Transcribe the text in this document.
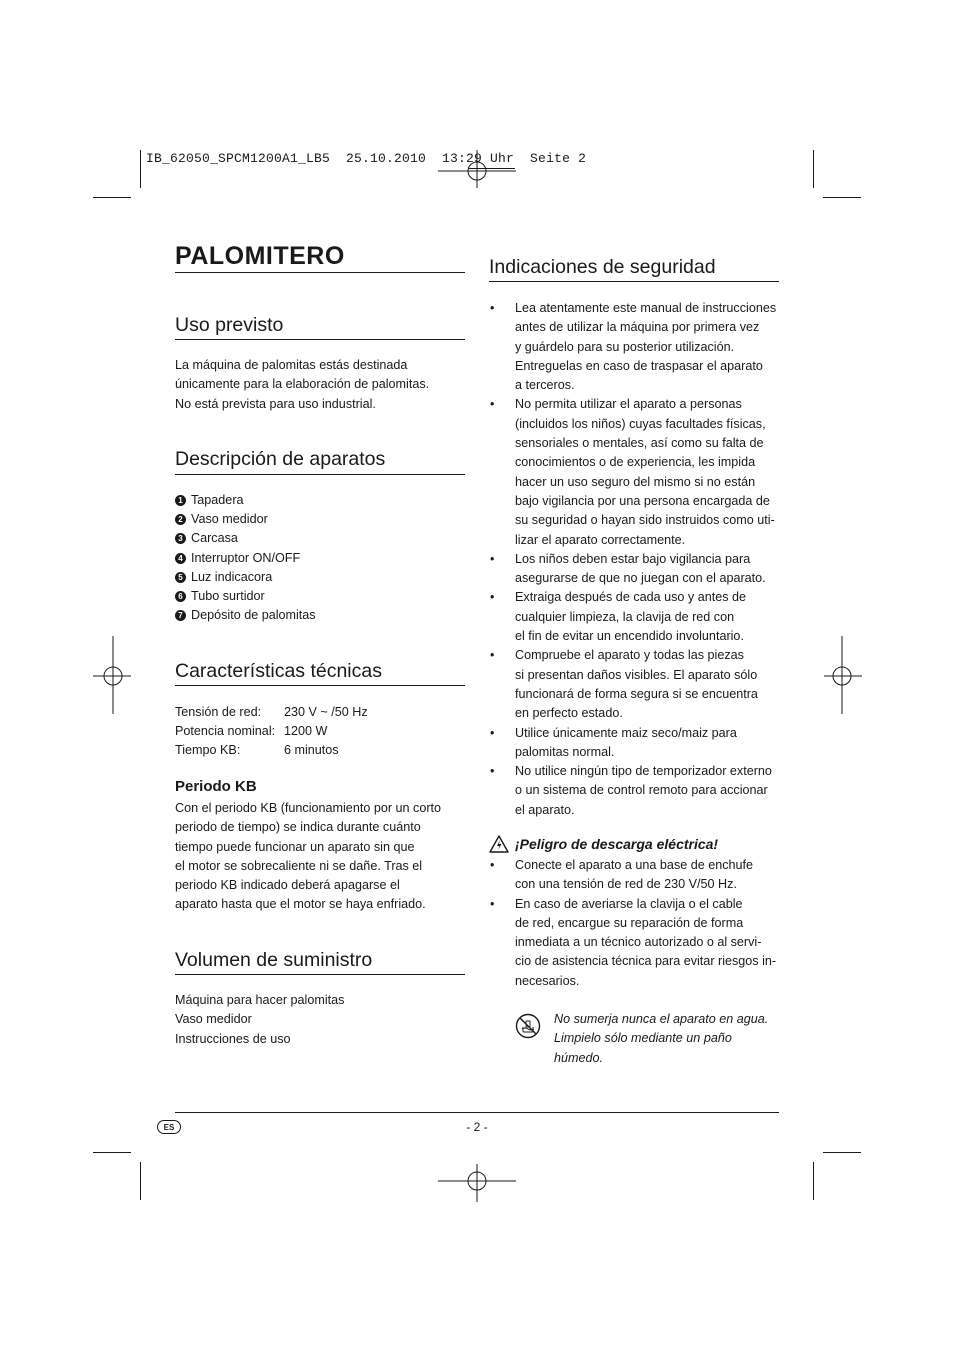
IB_62050_SPCM1200A1_LB5  25.10.2010  13:29 Uhr  Seite 2
PALOMITERO
Uso previsto
La máquina de palomitas estás destinada
únicamente para la elaboración de palomitas.
No está prevista para uso industrial.
Descripción de aparatos
1 Tapadera
2 Vaso medidor
3 Carcasa
4 Interruptor ON/OFF
5 Luz indicacora
6 Tubo surtidor
7 Depósito de palomitas
Características técnicas
Tensión de red:	230 V ~ /50 Hz
Potencia nominal: 1200 W
Tiempo KB:	6 minutos
Periodo KB
Con el periodo KB (funcionamiento por un corto
periodo de tiempo) se indica durante cuánto
tiempo puede funcionar un aparato sin que
el motor se sobrecaliente ni se dañe. Tras el
periodo KB indicado deberá apagarse el
aparato hasta que el motor se haya enfriado.
Volumen de suministro
Máquina para hacer palomitas
Vaso medidor
Instrucciones de uso
Indicaciones de seguridad
• Lea atentamente este manual de instrucciones
antes de utilizar la máquina por primera vez
y guárdelo para su posterior utilización.
Entreguelas en caso de traspasar el aparato
a terceros.
• No permita utilizar el aparato a personas
(incluidos los niños) cuyas facultades físicas,
sensoriales o mentales, así como su falta de
conocimientos o de experiencia, les impida
hacer un uso seguro del mismo si no están
bajo vigilancia por una persona encargada de
su seguridad o hayan sido instruidos como uti-
lizar el aparato correctamente.
• Los niños deben estar bajo vigilancia para
asegurarse de que no juegan con el aparato.
• Extraiga después de cada uso y antes de
cualquier limpieza, la clavija de red con
el fin de evitar un encendido involuntario.
• Compruebe el aparato y todas las piezas
si presentan daños visibles. El aparato sólo
funcionará de forma segura si se encuentra
en perfecto estado.
• Utilice únicamente maiz seco/maiz para
palomitas normal.
• No utilice ningún tipo de temporizador externo
o un sistema de control remoto para accionar
el aparato.
¡Peligro de descarga eléctrica!
• Conecte el aparato a una base de enchufe
con una tensión de red de 230 V/50 Hz.
• En caso de averiarse la clavija o el cable
de red, encargue su reparación de forma
inmediata a un técnico autorizado o al servi-
cio de asistencia técnica para evitar riesgos in-
necesarios.
No sumerja nunca el aparato en agua.
Limpielo sólo mediante un paño
húmedo.
ES	- 2 -
